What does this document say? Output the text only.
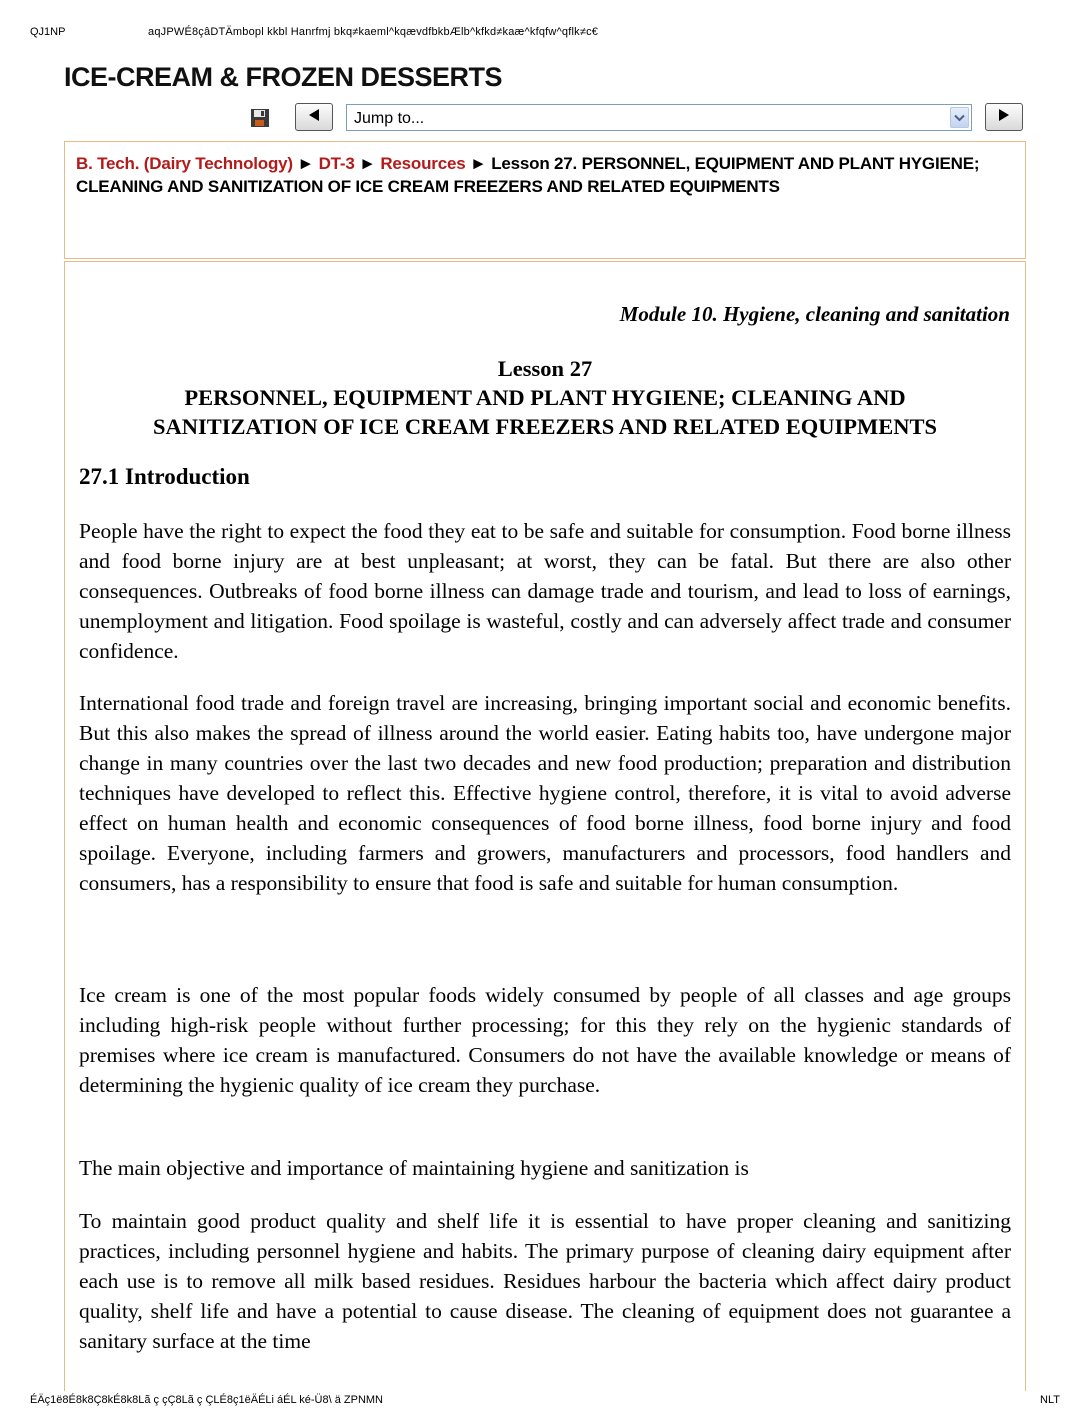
QJ1NP	aqJPWÉ8çâDTÄmbopl kkbl Hanrfmj bkq≠kaeml^kqævdfbkbÆlb^kfkd≠kaæ^kfqfw^qflk≠c€
ICE-CREAM & FROZEN DESSERTS
Jump to...
B. Tech. (Dairy Technology) ► DT-3 ► Resources ► Lesson 27. PERSONNEL, EQUIPMENT AND PLANT HYGIENE; CLEANING AND SANITIZATION OF ICE CREAM FREEZERS AND RELATED EQUIPMENTS
Module 10. Hygiene, cleaning and sanitation
Lesson 27
PERSONNEL, EQUIPMENT AND PLANT HYGIENE; CLEANING AND
SANITIZATION OF ICE CREAM FREEZERS AND RELATED EQUIPMENTS
27.1 Introduction

People have the right to expect the food they eat to be safe and suitable for consumption. Food borne illness and food borne injury are at best unpleasant; at worst, they can be fatal. But there are also other consequences. Outbreaks of food borne illness can damage trade and tourism, and lead to loss of earnings, unemployment and litigation. Food spoilage is wasteful, costly and can adversely affect trade and consumer confidence.

International food trade and foreign travel are increasing, bringing important social and economic benefits. But this also makes the spread of illness around the world easier. Eating habits too, have undergone major change in many countries over the last two decades and new food production; preparation and distribution techniques have developed to reflect this. Effective hygiene control, therefore, it is vital to avoid adverse effect on human health and economic consequences of food borne illness, food borne injury and food spoilage. Everyone, including farmers and growers, manufacturers and processors, food handlers and consumers, has a responsibility to ensure that food is safe and suitable for human consumption.

Ice cream is one of the most popular foods widely consumed by people of all classes and age groups including high-risk people without further processing; for this they rely on the hygienic standards of premises where ice cream is manufactured. Consumers do not have the available knowledge or means of determining the hygienic quality of ice cream they purchase.

The main objective and importance of maintaining hygiene and sanitization is

To maintain good product quality and shelf life it is essential to have proper cleaning and sanitizing practices, including personnel hygiene and habits. The primary purpose of cleaning dairy equipment after each use is to remove all milk based residues. Residues harbour the bacteria which affect dairy product quality, shelf life and have a potential to cause disease. The cleaning of equipment does not guarantee a sanitary surface at the time

ÉÄç1ë8É8k8Ç8kÉ8k8Lã ç çÇ8Lã ç ÇLÉ8ç1ëÄÉLi áÉL ké-Ü8\ ä ZPNMN	NLT
